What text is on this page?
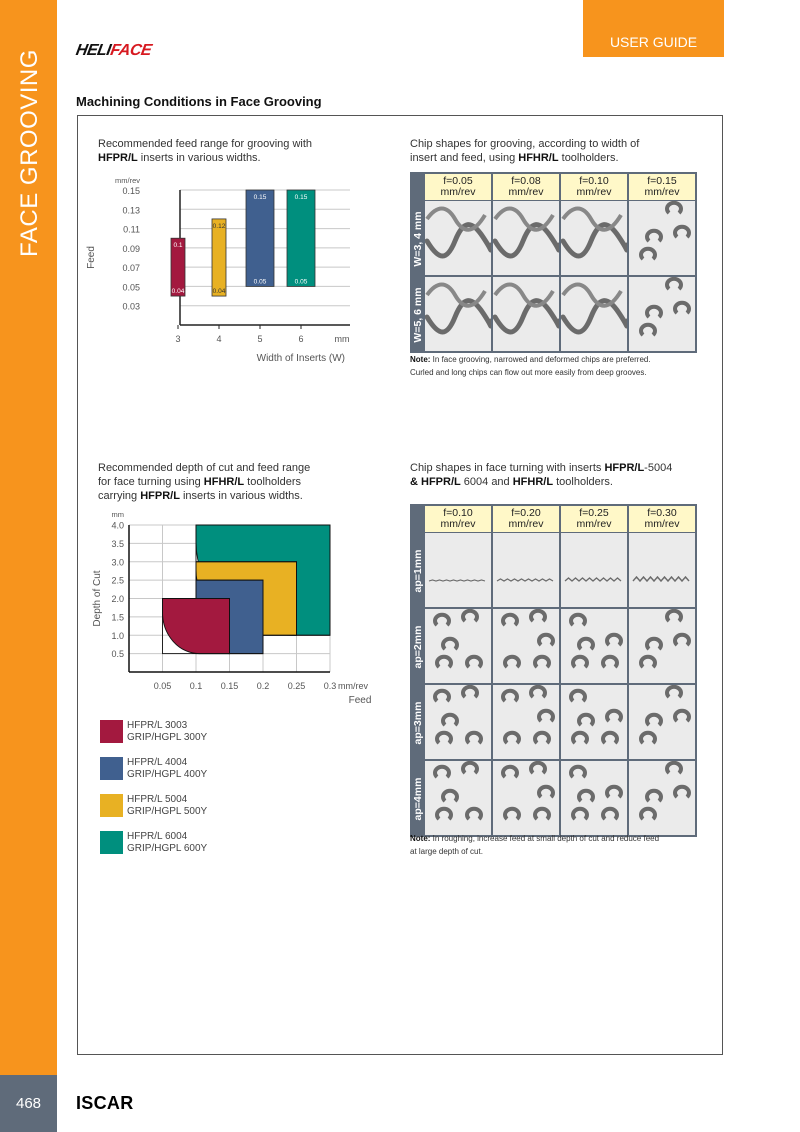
FACE GROOVING
468	ISCAR
USER GUIDE
HELIFACE
Machining Conditions in Face Grooving
Recommended feed range for grooving with
HFPR/L inserts in various widths.
0.15
0.13
0.11
0.09
0.07
0.05
0.03
mm/rev
Feed
3
0.1
0.04
4
0.12
0.04
5
0.15
0.05
6
0.15
0.05
mm
Width of Inserts (W)
Chip shapes for grooving, according to width of
insert and feed, using HFHR/L toolholders.
f=0.05
mm/rev
f=0.08
mm/rev
f=0.10
mm/rev
f=0.15
mm/rev
W=3, 4 mm
W=5, 6 mm
Note: In face grooving, narrowed and deformed chips are preferred.
Curled and long chips can flow out more easily from deep grooves.
Recommended depth of cut and feed range
for face turning using HFHR/L toolholders
carrying HFPR/L inserts in various widths.
4.0
3.5
3.0
2.5
2.0
1.5
1.0
0.5
0.05 0.1 0.15 0.2 0.25 0.3
mm
mm/rev
Feed
Depth of Cut
HFPR/L 3003
GRIP/HGPL 300Y
HFPR/L 4004
GRIP/HGPL 400Y
HFPR/L 5004
GRIP/HGPL 500Y
HFPR/L 6004
GRIP/HGPL 600Y
Chip shapes in face turning with inserts HFPR/L-5004
& HFPR/L 6004 and HFHR/L toolholders.
f=0.10
mm/rev
f=0.20
mm/rev
f=0.25
mm/rev
f=0.30
mm/rev
ap=1mm
ap=2mm
ap=3mm
ap=4mm
Note: In roughing, increase feed at small depth of cut and reduce feed
at large depth of cut.
